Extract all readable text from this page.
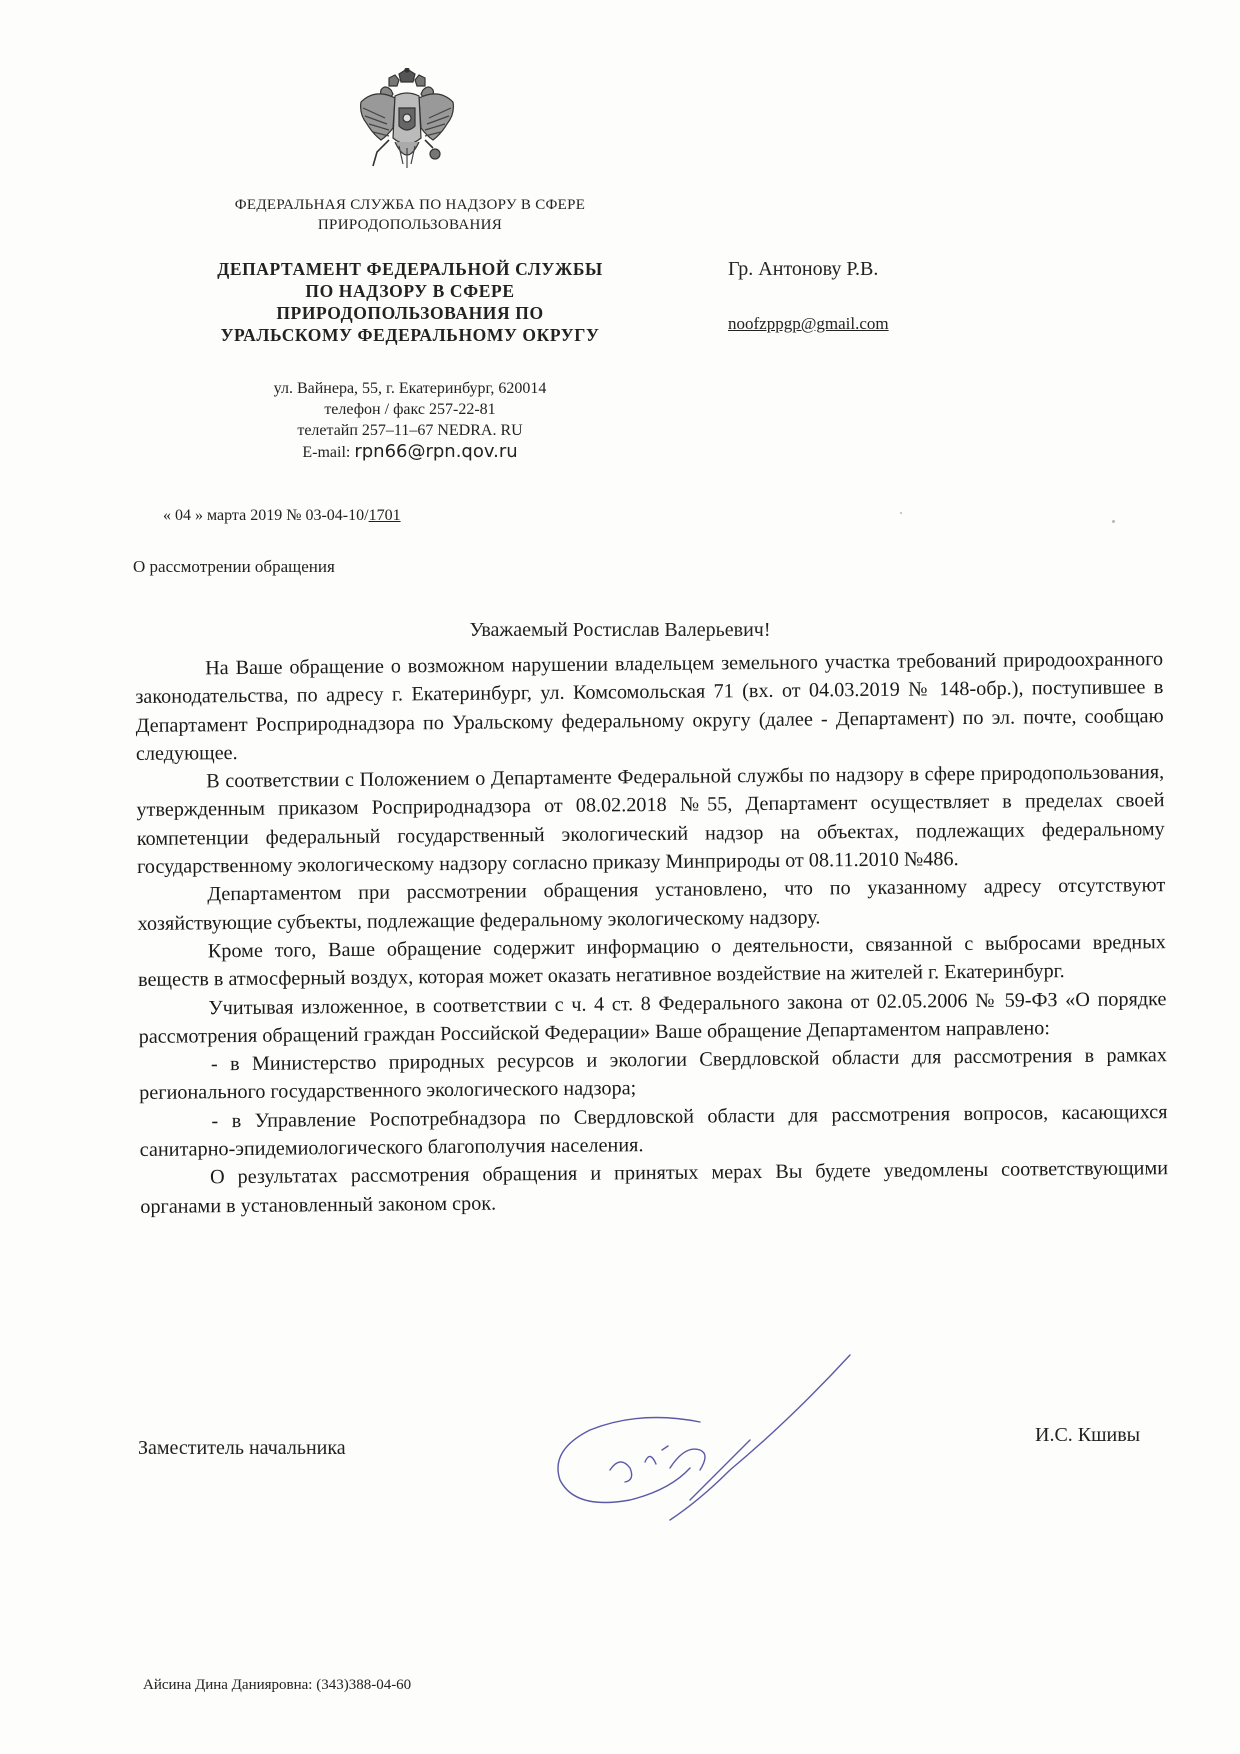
ФЕДЕРАЛЬНАЯ СЛУЖБА ПО НАДЗОРУ В СФЕРЕ
ПРИРОДОПОЛЬЗОВАНИЯ
ДЕПАРТАМЕНТ ФЕДЕРАЛЬНОЙ СЛУЖБЫ
ПО НАДЗОРУ В СФЕРЕ
ПРИРОДОПОЛЬЗОВАНИЯ ПО
УРАЛЬСКОМУ ФЕДЕРАЛЬНОМУ ОКРУГУ
ул. Вайнера, 55, г. Екатеринбург, 620014
телефон / факс 257-22-81
телетайп 257–11–67 NEDRA. RU
E-mail: rpn66@rpn.qov.ru
« 04 » марта 2019 № 03-04-10/1701
Гр. Антонову Р.В.
noofzppgp@gmail.com
О рассмотрении обращения
Уважаемый Ростислав Валерьевич!

На Ваше обращение о возможном нарушении владельцем земельного участка требований природоохранного законодательства, по адресу г. Екатеринбург, ул. Комсомольская 71 (вх. от 04.03.2019 № 148-обр.), поступившее в Департамент Росприроднадзора по Уральскому федеральному округу (далее - Департамент) по эл. почте, сообщаю следующее.

В соответствии с Положением о Департаменте Федеральной службы по надзору в сфере природопользования, утвержденным приказом Росприроднадзора от 08.02.2018 №55, Департамент осуществляет в пределах своей компетенции федеральный государственный экологический надзор на объектах, подлежащих федеральному государственному экологическому надзору согласно приказу Минприроды от 08.11.2010 №486.

Департаментом при рассмотрении обращения установлено, что по указанному адресу отсутствуют хозяйствующие субъекты, подлежащие федеральному экологическому надзору.

Кроме того, Ваше обращение содержит информацию о деятельности, связанной с выбросами вредных веществ в атмосферный воздух, которая может оказать негативное воздействие на жителей г. Екатеринбург.

Учитывая изложенное, в соответствии с ч. 4 ст. 8 Федерального закона от 02.05.2006 № 59-ФЗ «О порядке рассмотрения обращений граждан Российской Федерации» Ваше обращение Департаментом направлено:

- в Министерство природных ресурсов и экологии Свердловской области для рассмотрения в рамках регионального государственного экологического надзора;

- в Управление Роспотребнадзора по Свердловской области для рассмотрения вопросов, касающихся санитарно-эпидемиологического благополучия населения.

О результатах рассмотрения обращения и принятых мерах Вы будете уведомлены соответствующими органами в установленный законом срок.

Заместитель начальника
И.С. Кшивы
Айсина Дина Данияровна: (343)388-04-60
